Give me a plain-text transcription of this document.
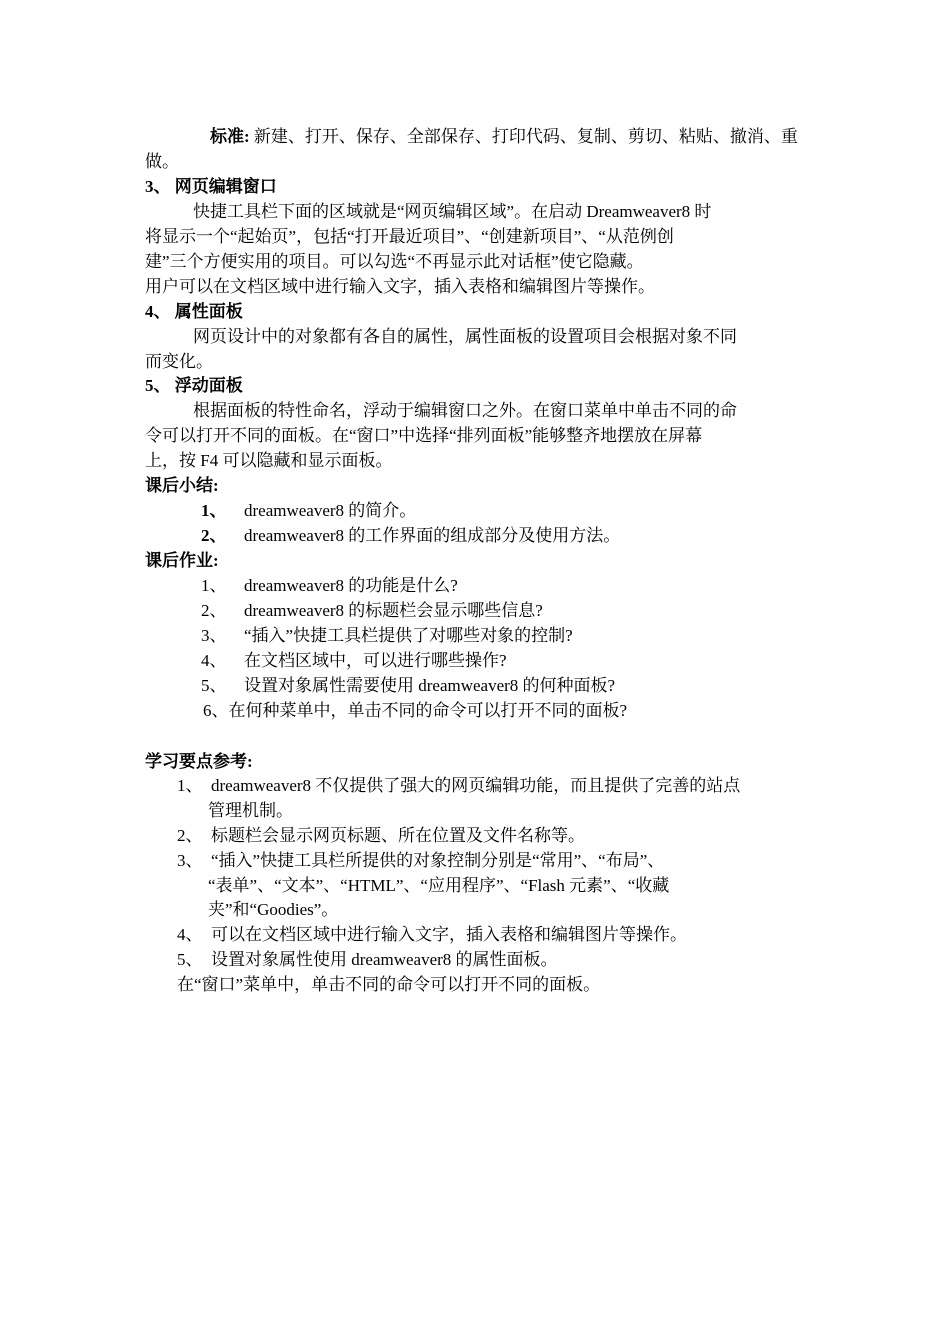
标准: 新建、打开、保存、全部保存、打印代码、复制、剪切、粘贴、撤消、重
做。
3、 网页编辑窗口
快捷工具栏下面的区域就是“网页编辑区域”。在启动 Dreamweaver8 时
将显示一个“起始页”，包括“打开最近项目”、“创建新项目”、“从范例创
建”三个方便实用的项目。可以勾选“不再显示此对话框”使它隐藏。
用户可以在文档区域中进行输入文字，插入表格和编辑图片等操作。
4、 属性面板
网页设计中的对象都有各自的属性，属性面板的设置项目会根据对象不同
而变化。
5、 浮动面板
根据面板的特性命名，浮动于编辑窗口之外。在窗口菜单中单击不同的命
令可以打开不同的面板。在“窗口”中选择“排列面板”能够整齐地摆放在屏幕
上，按 F4 可以隐藏和显示面板。
课后小结:
1、 dreamweaver8 的简介。
2、 dreamweaver8 的工作界面的组成部分及使用方法。
课后作业:
1、 dreamweaver8 的功能是什么?
2、 dreamweaver8 的标题栏会显示哪些信息?
3、 “插入”快捷工具栏提供了对哪些对象的控制?
4、 在文档区域中，可以进行哪些操作?
5、 设置对象属性需要使用 dreamweaver8 的何种面板?
6、在何种菜单中，单击不同的命令可以打开不同的面板?
学习要点参考:
1、 dreamweaver8 不仅提供了强大的网页编辑功能，而且提供了完善的站点
管理机制。
2、 标题栏会显示网页标题、所在位置及文件名称等。
3、 “插入”快捷工具栏所提供的对象控制分别是“常用”、“布局”、
“表单”、“文本”、“HTML”、“应用程序”、“Flash 元素”、“收藏
夹”和“Goodies”。
4、 可以在文档区域中进行输入文字，插入表格和编辑图片等操作。
5、 设置对象属性使用 dreamweaver8 的属性面板。
在“窗口”菜单中，单击不同的命令可以打开不同的面板。
